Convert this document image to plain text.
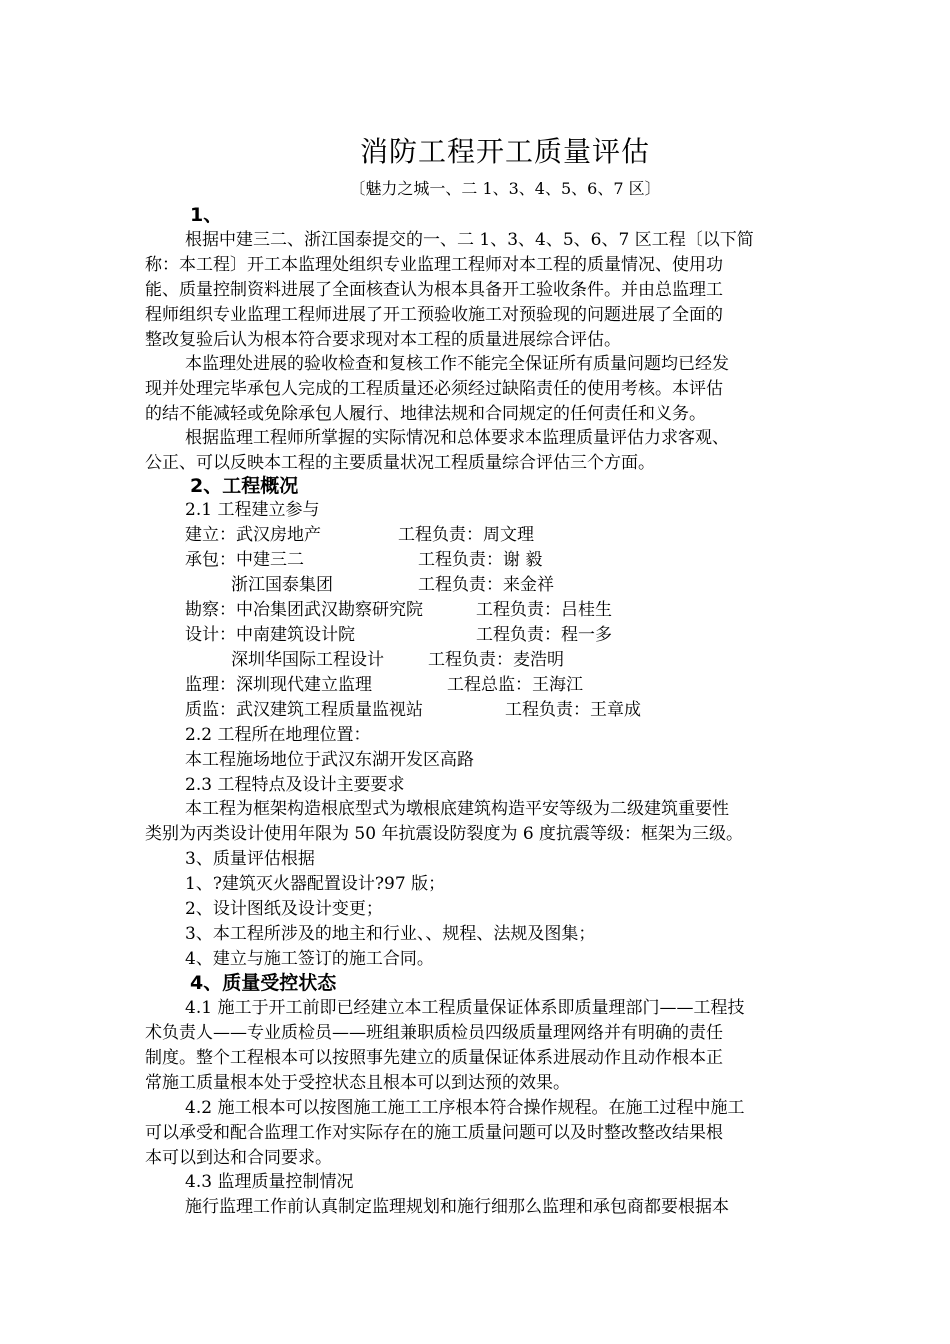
消防工程开工质量评估
〔魅力之城一、二 1、3、4、5、6、7 区〕
1、
根据中建三二、浙江国泰提交的一、二 1、3、4、5、6、7 区工程〔以下简
称：本工程〕开工本监理处组织专业监理工程师对本工程的质量情况、使用功
能、质量控制资料进展了全面核查认为根本具备开工验收条件。并由总监理工
程师组织专业监理工程师进展了开工预验收施工对预验现的问题进展了全面的
整改复验后认为根本符合要求现对本工程的质量进展综合评估。
本监理处进展的验收检查和复核工作不能完全保证所有质量问题均已经发
现并处理完毕承包人完成的工程质量还必须经过缺陷责任的使用考核。本评估
的结不能减轻或免除承包人履行、地律法规和合同规定的任何责任和义务。
根据监理工程师所掌握的实际情况和总体要求本监理质量评估力求客观、
公正、可以反映本工程的主要质量状况工程质量综合评估三个方面。
2、工程概况
2.1 工程建立参与
建立：武汉房地产	工程负责：周文理
承包：中建三二	工程负责：谢 毅
浙江国泰集团	工程负责：来金祥
勘察：中冶集团武汉勘察研究院	工程负责：吕桂生
设计：中南建筑设计院	工程负责：程一多
深圳华国际工程设计	工程负责：麦浩明
监理：深圳现代建立监理	工程总监：王海江
质监：武汉建筑工程质量监视站	工程负责：王章成
2.2 工程所在地理位置：
本工程施场地位于武汉东湖开发区高路
2.3 工程特点及设计主要要求
本工程为框架构造根底型式为墩根底建筑构造平安等级为二级建筑重要性
类别为丙类设计使用年限为 50 年抗震设防裂度为 6 度抗震等级：框架为三级。
3、质量评估根据
1、?建筑灭火器配置设计?97 版；
2、设计图纸及设计变更；
3、本工程所涉及的地主和行业、、规程、法规及图集；
4、建立与施工签订的施工合同。
4、质量受控状态
4.1 施工于开工前即已经建立本工程质量保证体系即质量理部门——工程技
术负责人——专业质检员——班组兼职质检员四级质量理网络并有明确的责任
制度。整个工程根本可以按照事先建立的质量保证体系进展动作且动作根本正
常施工质量根本处于受控状态且根本可以到达预的效果。
4.2 施工根本可以按图施工施工工序根本符合操作规程。在施工过程中施工
可以承受和配合监理工作对实际存在的施工质量问题可以及时整改整改结果根
本可以到达和合同要求。
4.3 监理质量控制情况
施行监理工作前认真制定监理规划和施行细那么监理和承包商都要根据本
